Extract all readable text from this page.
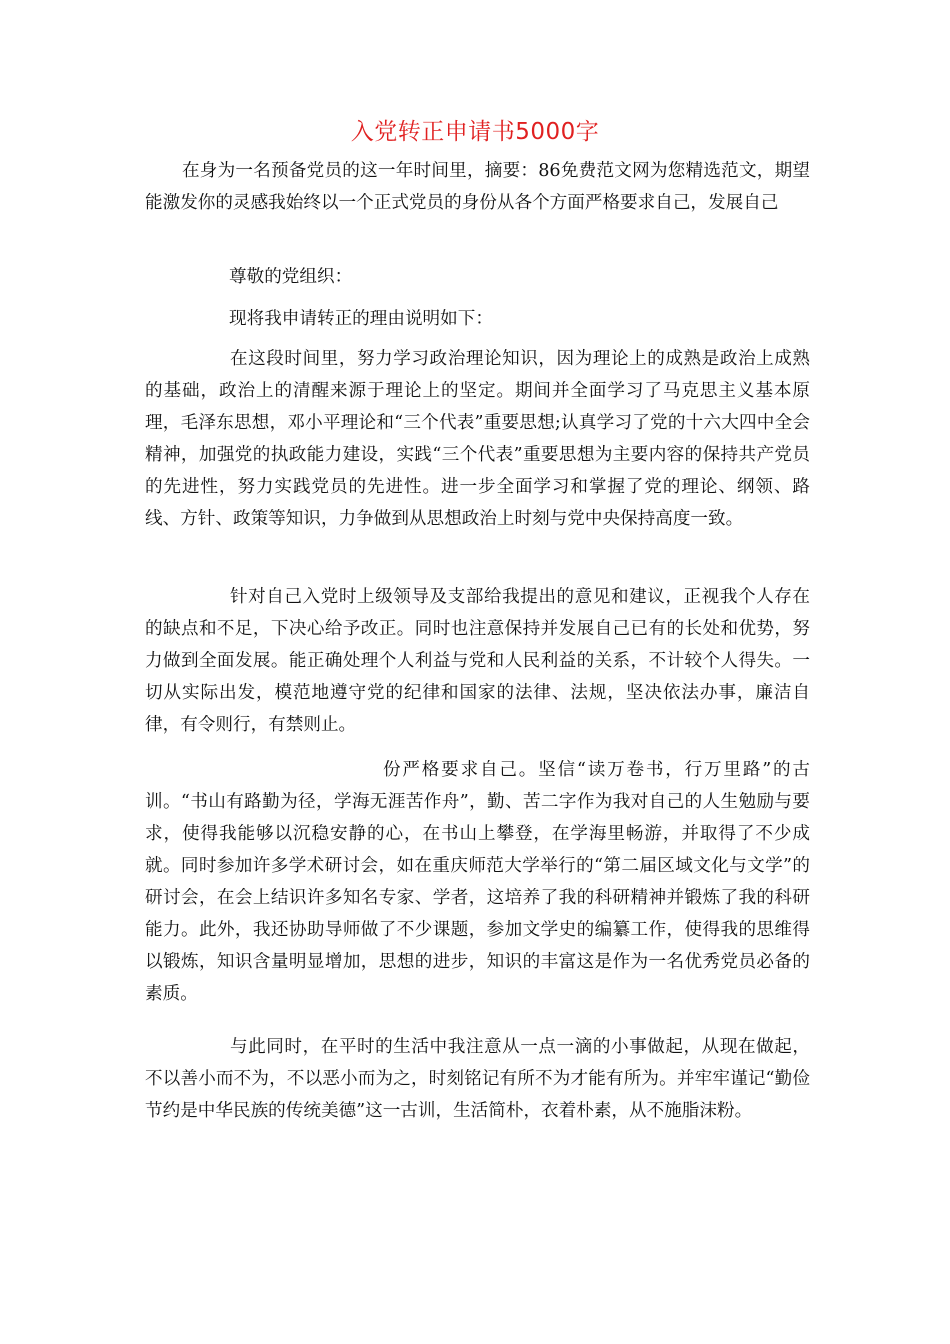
入党转正申请书5000字
在身为一名预备党员的这一年时间里，摘要：86免费范文网为您精选范文，期望能激发你的灵感我始终以一个正式党员的身份从各个方面严格要求自己，发展自己
尊敬的党组织：
现将我申请转正的理由说明如下：
在这段时间里，努力学习政治理论知识，因为理论上的成熟是政治上成熟的基础，政治上的清醒来源于理论上的坚定。期间并全面学习了马克思主义基本原理，毛泽东思想，邓小平理论和“三个代表”重要思想;认真学习了党的十六大四中全会精神，加强党的执政能力建设，实践“三个代表”重要思想为主要内容的保持共产党员的先进性，努力实践党员的先进性。进一步全面学习和掌握了党的理论、纲领、路线、方针、政策等知识，力争做到从思想政治上时刻与党中央保持高度一致。
针对自己入党时上级领导及支部给我提出的意见和建议，正视我个人存在的缺点和不足，下决心给予改正。同时也注意保持并发展自己已有的长处和优势，努力做到全面发展。能正确处理个人利益与党和人民利益的关系，不计较个人得失。一切从实际出发，模范地遵守党的纪律和国家的法律、法规，坚决依法办事，廉洁自律，有令则行，有禁则止。
份严格要求自己。坚信“读万卷书，行万里路”的古训。“书山有路勤为径，学海无涯苦作舟”，勤、苦二字作为我对自己的人生勉励与要求，使得我能够以沉稳安静的心，在书山上攀登，在学海里畅游，并取得了不少成就。同时参加许多学术研讨会，如在重庆师范大学举行的“第二届区域文化与文学”的研讨会，在会上结识许多知名专家、学者，这培养了我的科研精神并锻炼了我的科研能力。此外，我还协助导师做了不少课题，参加文学史的编纂工作，使得我的思维得以锻炼，知识含量明显增加，思想的进步，知识的丰富这是作为一名优秀党员必备的素质。
与此同时，在平时的生活中我注意从一点一滴的小事做起，从现在做起，不以善小而不为，不以恶小而为之，时刻铭记有所不为才能有所为。并牢牢谨记“勤俭节约是中华民族的传统美德”这一古训，生活简朴，衣着朴素，从不施脂沫粉。
